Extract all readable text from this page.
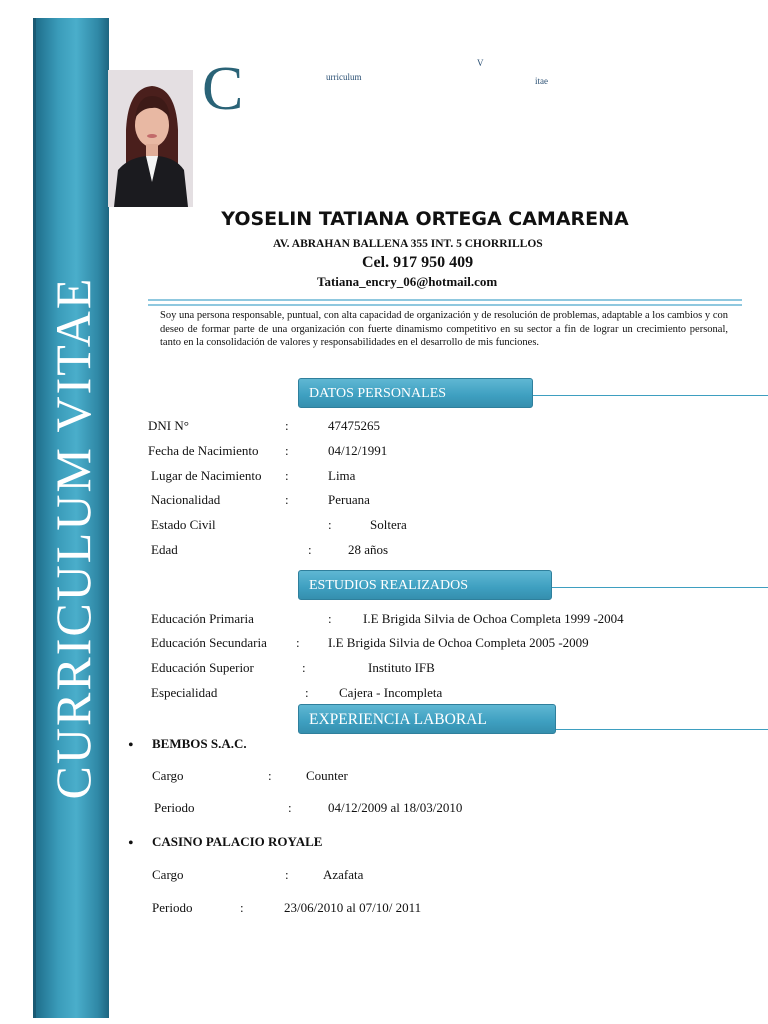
CURRICULUM VITAE
C	urriculum
V
itae
YOSELIN TATIANA ORTEGA CAMARENA
AV. ABRAHAN BALLENA 355 INT. 5 CHORRILLOS
Cel. 917 950 409
Tatiana_encry_06@hotmail.com
Soy una persona responsable, puntual, con alta capacidad de organización y de resolución de problemas, adaptable a los cambios y con deseo de formar parte de una organización con fuerte dinamismo competitivo en su sector a fin de lograr un crecimiento personal, tanto en la consolidación de valores y responsabilidades en el desarrollo de mis funciones.
DATOS PERSONALES
DNI N°	:	47475265
Fecha de Nacimiento :	04/12/1991
Lugar de Nacimiento :	Lima
Nacionalidad	:	Peruana
Estado Civil	:	Soltera
Edad	:	28 años
ESTUDIOS REALIZADOS
Educación Primaria	: I.E Brigida Silvia de Ochoa Completa 1999 -2004
Educación Secundaria : I.E Brigida Silvia de Ochoa Completa 2005 -2009
Educación Superior	:	Instituto IFB
Especialidad	: Cajera - Incompleta
EXPERIENCIA LABORAL
• BEMBOS S.A.C.
Cargo	:	Counter
Periodo	:	04/12/2009 al 18/03/2010
• CASINO PALACIO ROYALE
Cargo	:	Azafata
Periodo	:	23/06/2010 al 07/10/ 2011
